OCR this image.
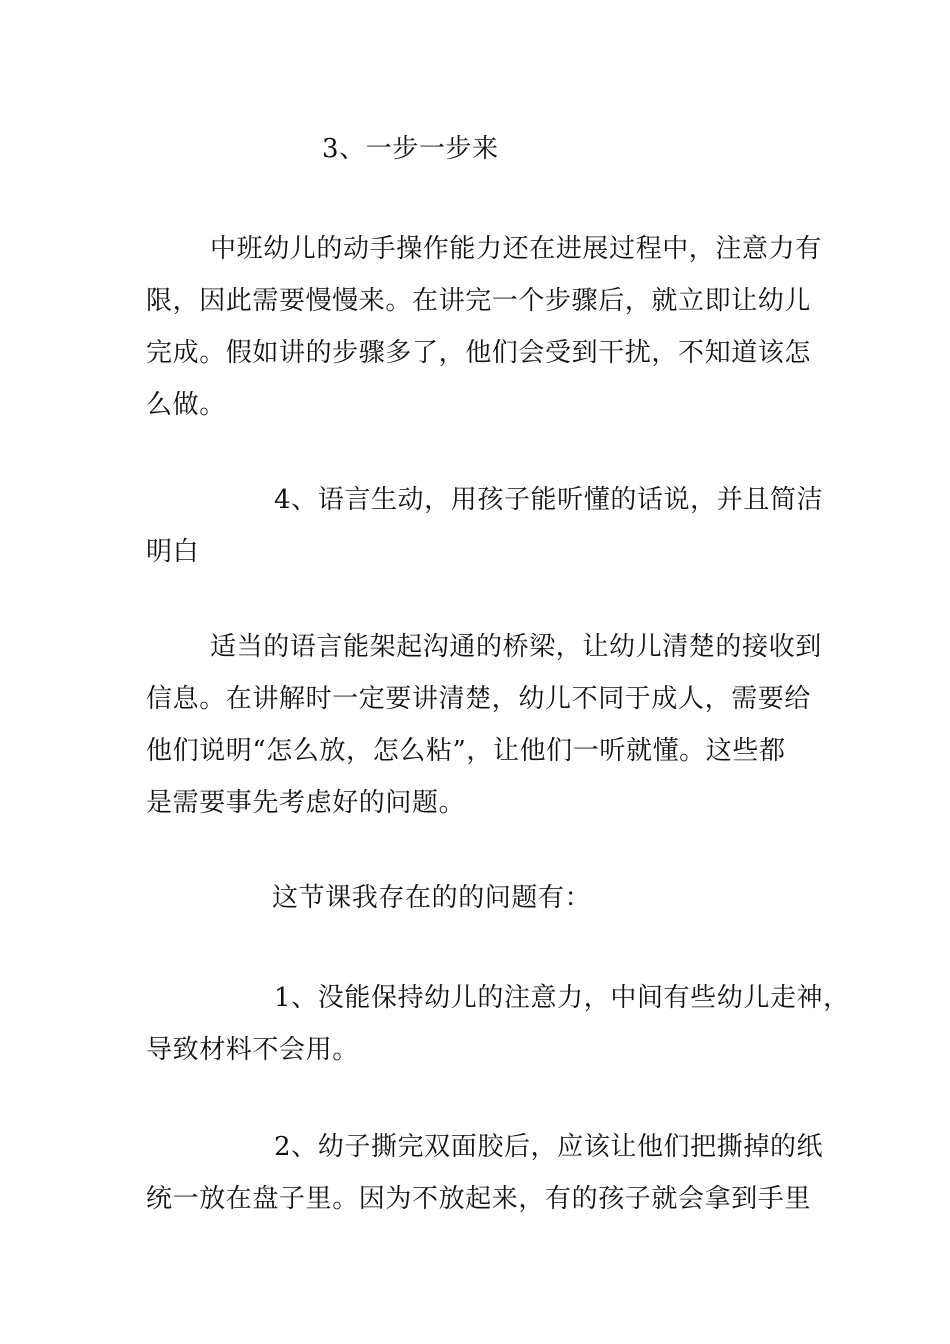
3、一步一步来

中班幼儿的动手操作能力还在进展过程中，注意力有

限，因此需要慢慢来。在讲完一个步骤后，就立即让幼儿

完成。假如讲的步骤多了，他们会受到干扰，不知道该怎

么做。

4、语言生动，用孩子能听懂的话说，并且简洁

明白

适当的语言能架起沟通的桥梁，让幼儿清楚的接收到

信息。在讲解时一定要讲清楚，幼儿不同于成人，需要给

他们说明“怎么放，怎么粘”，让他们一听就懂。这些都

是需要事先考虑好的问题。

这节课我存在的的问题有：

1、没能保持幼儿的注意力，中间有些幼儿走神，

导致材料不会用。

2、幼子撕完双面胶后，应该让他们把撕掉的纸

统一放在盘子里。因为不放起来，有的孩子就会拿到手里
